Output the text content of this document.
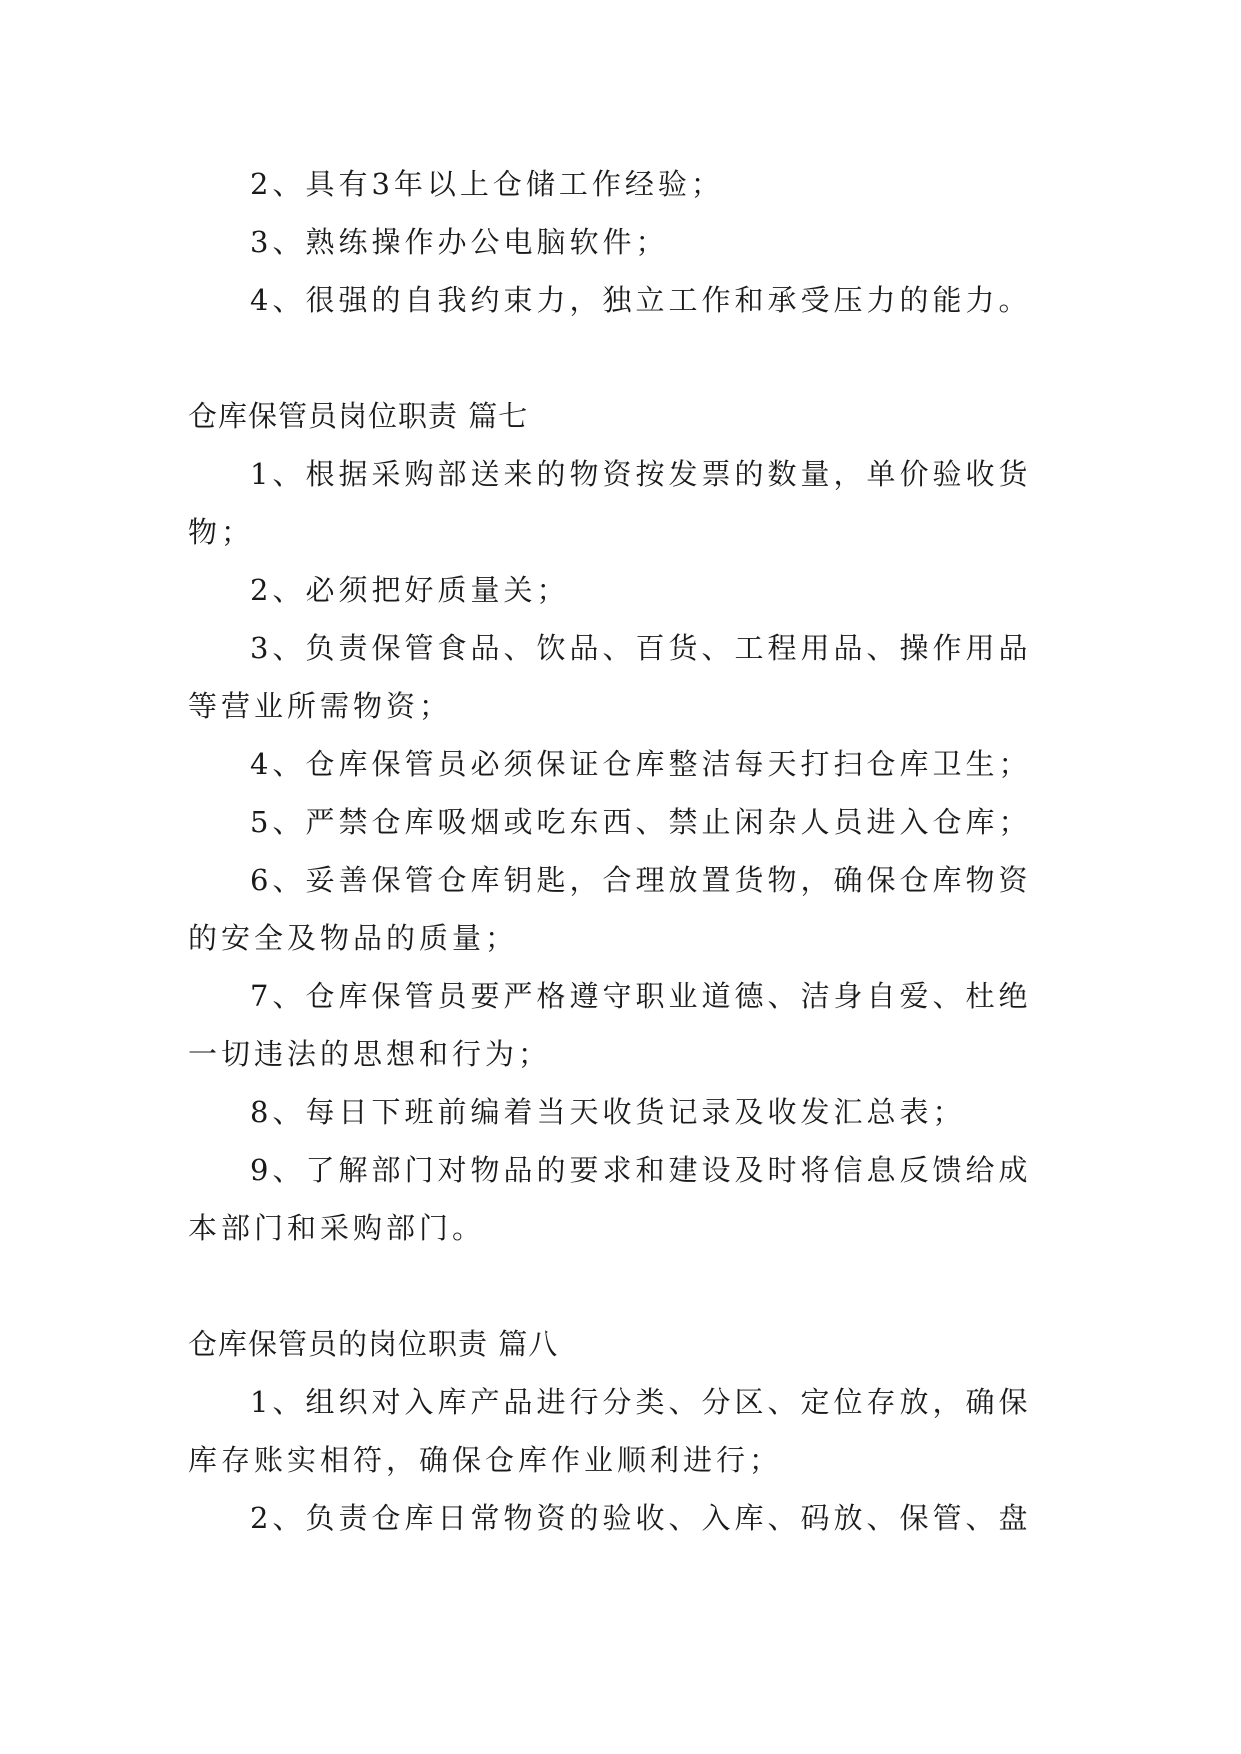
2、具有3年以上仓储工作经验；
3、熟练操作办公电脑软件；
4、很强的自我约束力，独立工作和承受压力的能力。
仓库保管员岗位职责 篇七
1、根据采购部送来的物资按发票的数量，单价验收货
物；
2、必须把好质量关；
3、负责保管食品、饮品、百货、工程用品、操作用品
等营业所需物资；
4、仓库保管员必须保证仓库整洁每天打扫仓库卫生；
5、严禁仓库吸烟或吃东西、禁止闲杂人员进入仓库；
6、妥善保管仓库钥匙，合理放置货物，确保仓库物资
的安全及物品的质量；
7、仓库保管员要严格遵守职业道德、洁身自爱、杜绝
一切违法的思想和行为；
8、每日下班前编着当天收货记录及收发汇总表；
9、了解部门对物品的要求和建设及时将信息反馈给成
本部门和采购部门。
仓库保管员的岗位职责 篇八
1、组织对入库产品进行分类、分区、定位存放，确保
库存账实相符，确保仓库作业顺利进行；
2、负责仓库日常物资的验收、入库、码放、保管、盘
